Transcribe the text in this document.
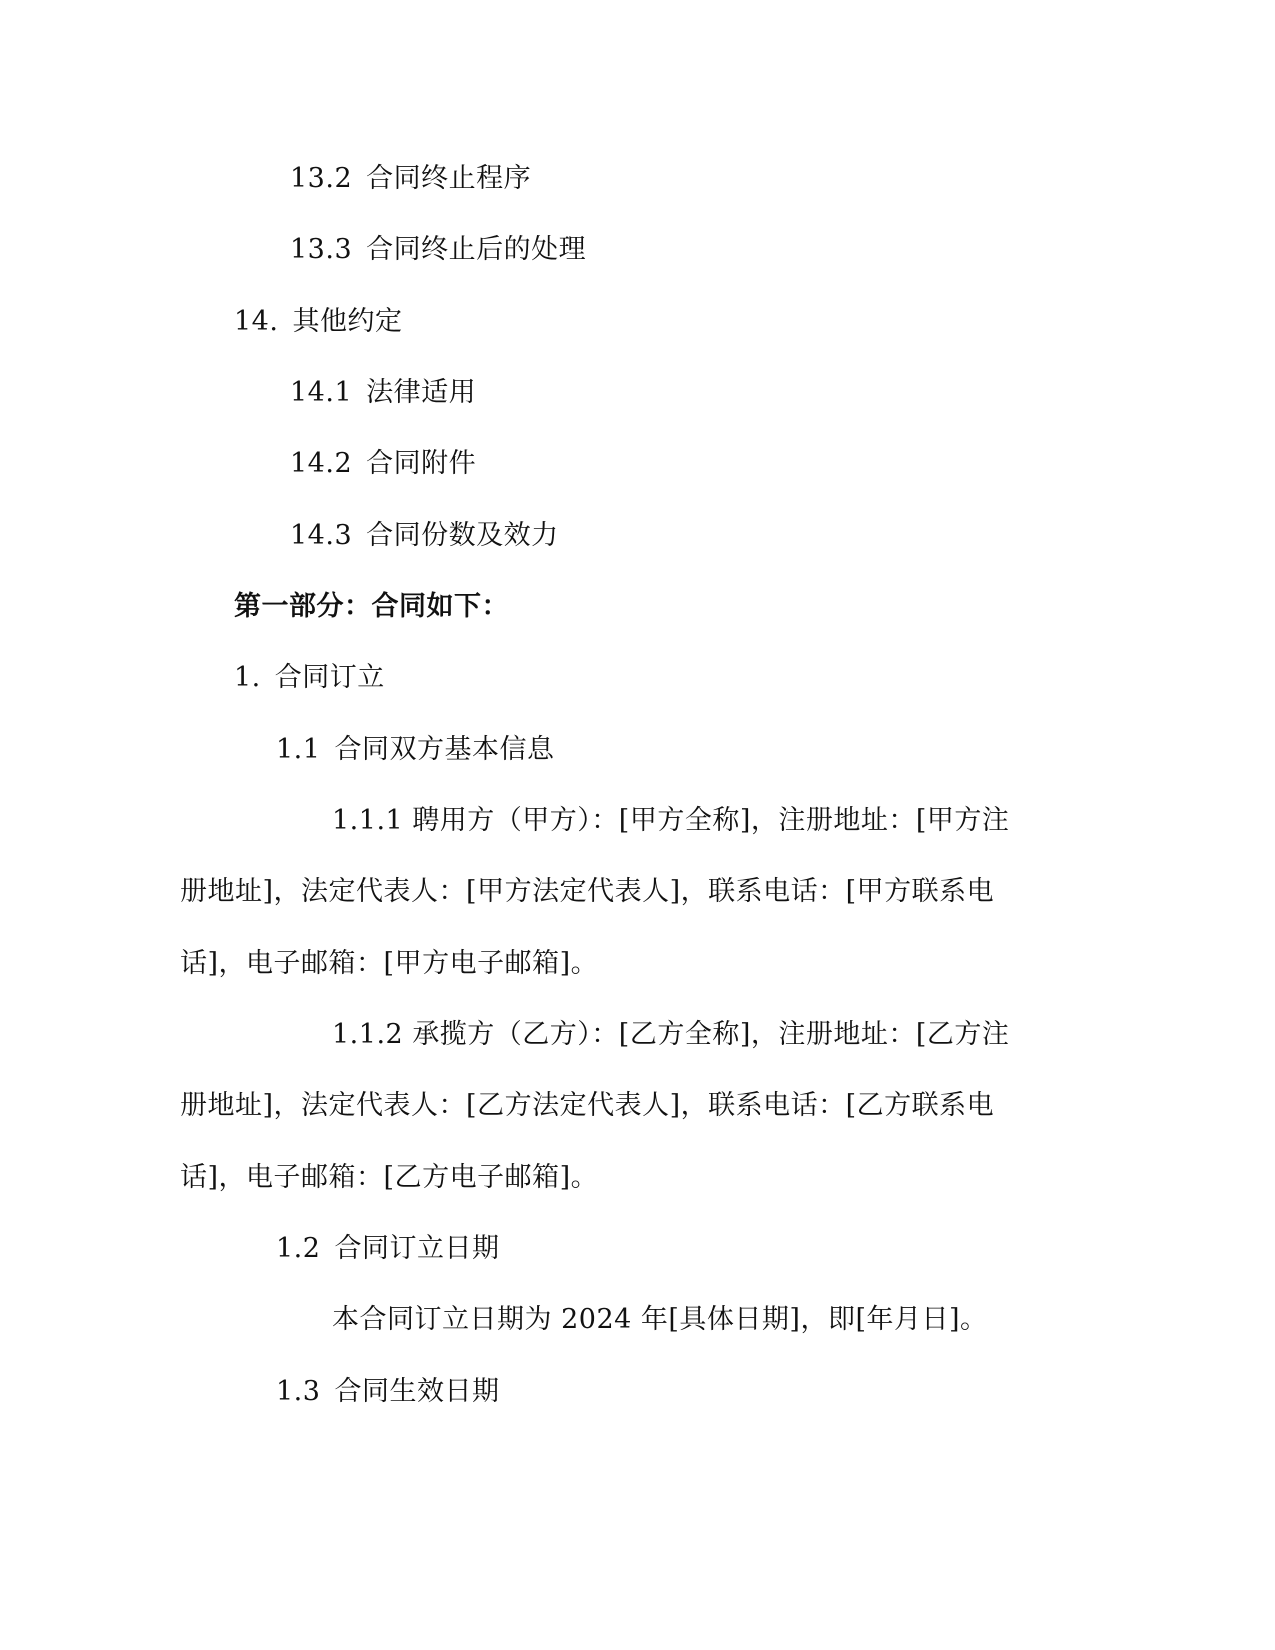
13.2 合同终止程序
13.3 合同终止后的处理
14. 其他约定
14.1 法律适用
14.2 合同附件
14.3 合同份数及效力
第一部分：合同如下：
1. 合同订立
1.1 合同双方基本信息
1.1.1 聘用方（甲方）：[甲方全称]，注册地址：[甲方注
册地址]，法定代表人：[甲方法定代表人]，联系电话：[甲方联系电
话]，电子邮箱：[甲方电子邮箱]。
1.1.2 承揽方（乙方）：[乙方全称]，注册地址：[乙方注
册地址]，法定代表人：[乙方法定代表人]，联系电话：[乙方联系电
话]，电子邮箱：[乙方电子邮箱]。
1.2 合同订立日期
本合同订立日期为 2024 年[具体日期]，即[年月日]。
1.3 合同生效日期
